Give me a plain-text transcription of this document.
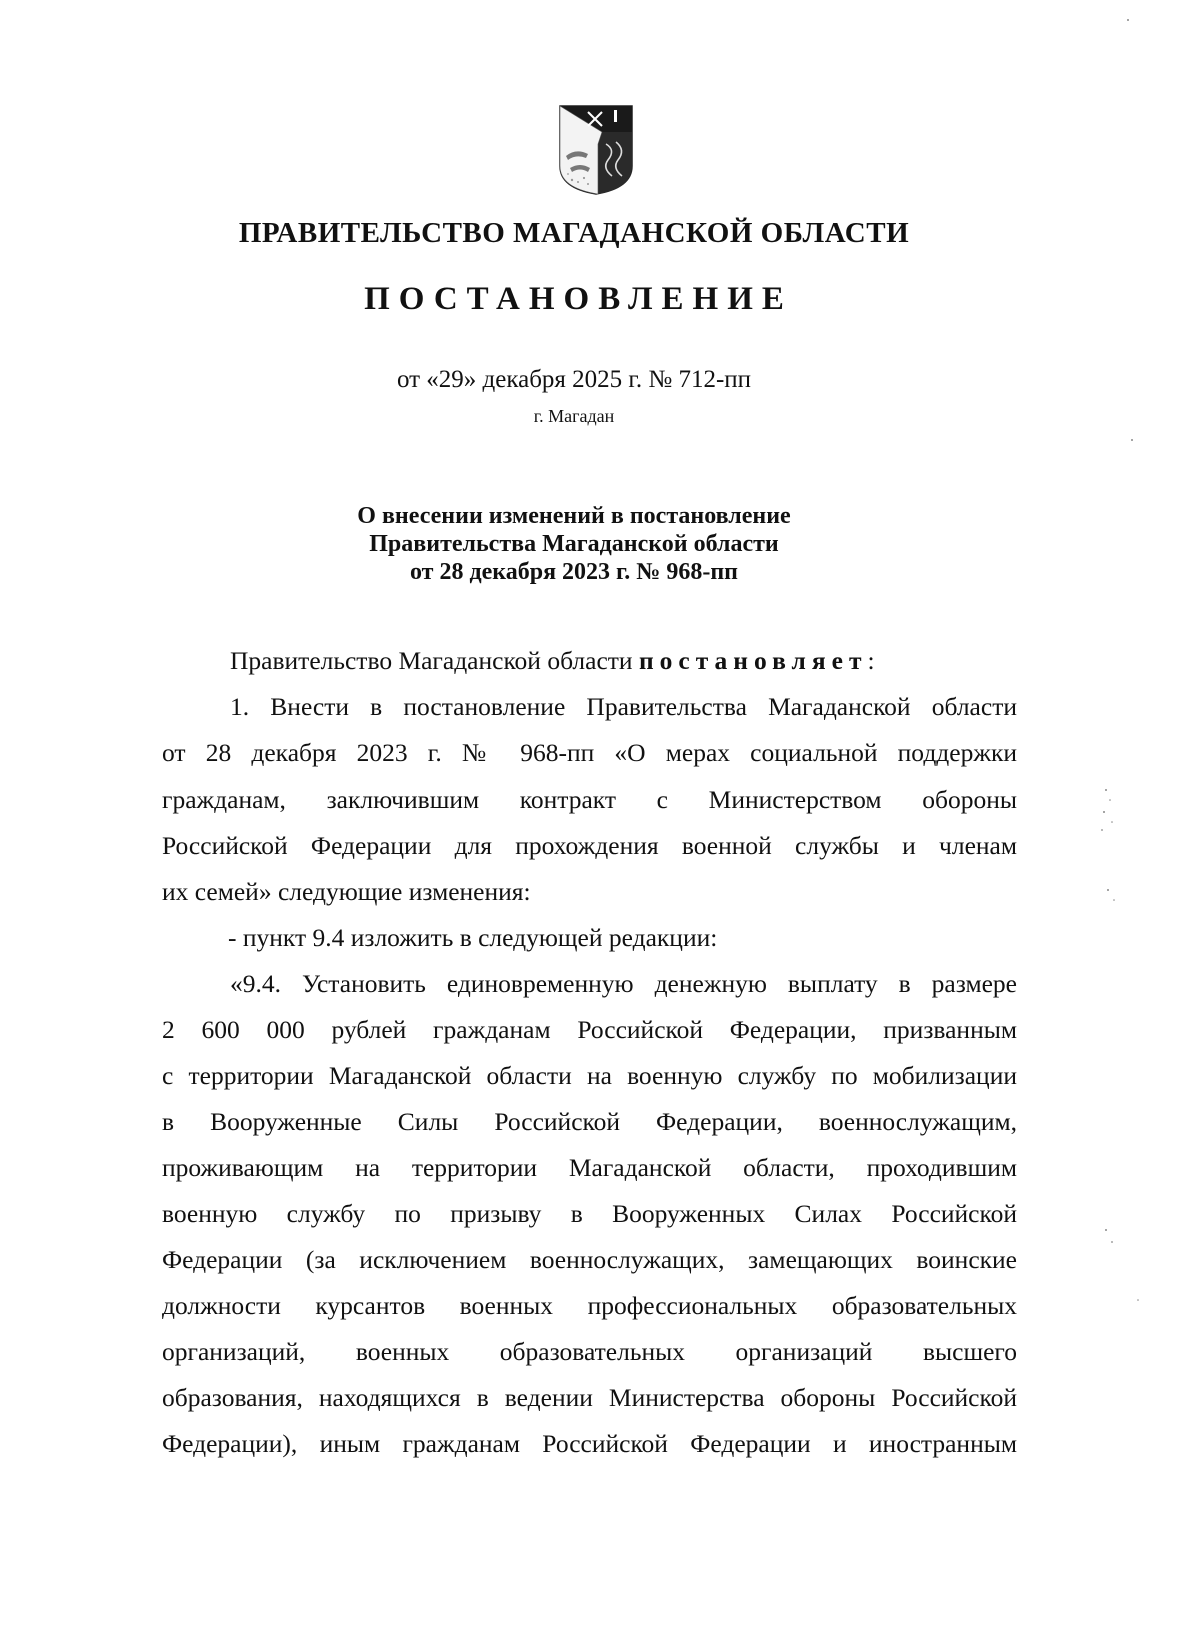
ПРАВИТЕЛЬСТВО МАГАДАНСКОЙ ОБЛАСТИ
ПОСТАНОВЛЕНИЕ
от «29» декабря 2025 г. № 712-пп
г. Магадан
О внесении изменений в постановление
Правительства Магаданской области
от 28 декабря 2023 г. № 968-пп
Правительство Магаданской области постановляет:
1. Внести в постановление Правительства Магаданской области
от 28 декабря 2023 г. № 968-пп «О мерах социальной поддержки
гражданам, заключившим контракт с Министерством обороны
Российской Федерации для прохождения военной службы и членам
их семей» следующие изменения:
- пункт 9.4 изложить в следующей редакции:
«9.4. Установить единовременную денежную выплату в размере
2 600 000 рублей гражданам Российской Федерации, призванным
с территории Магаданской области на военную службу по мобилизации
в Вооруженные Силы Российской Федерации, военнослужащим,
проживающим на территории Магаданской области, проходившим
военную службу по призыву в Вооруженных Силах Российской
Федерации (за исключением военнослужащих, замещающих воинские
должности курсантов военных профессиональных образовательных
организаций, военных образовательных организаций высшего
образования, находящихся в ведении Министерства обороны Российской
Федерации), иным гражданам Российской Федерации и иностранным
